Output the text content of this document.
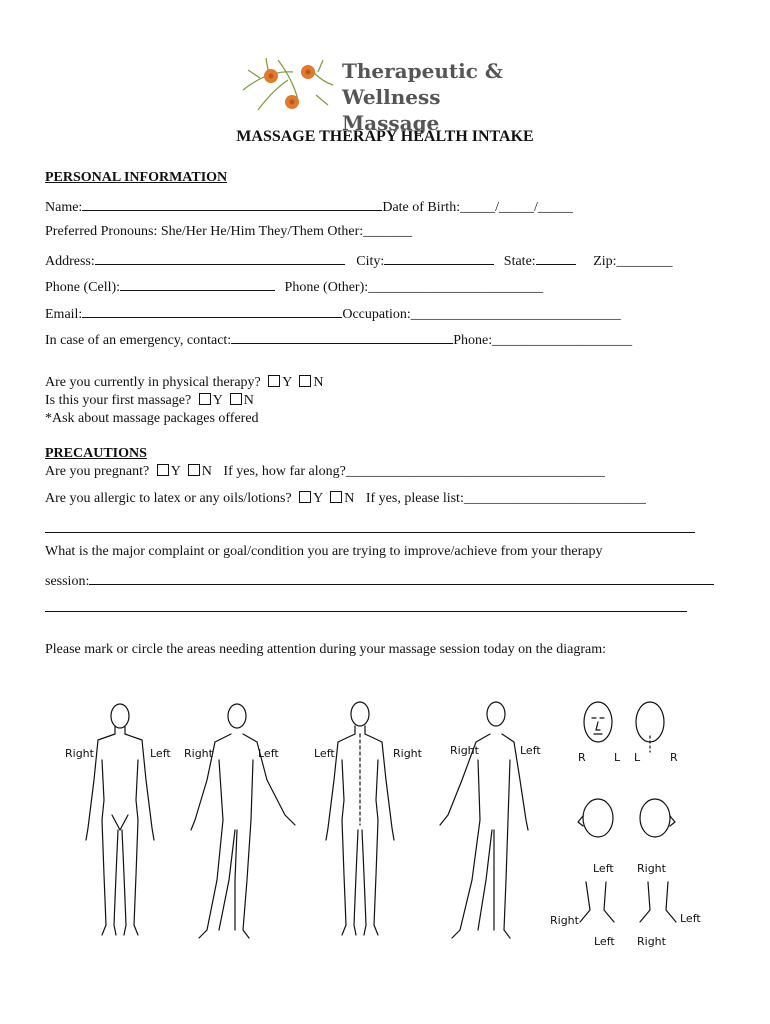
Therapeutic &
Wellness Massage
MASSAGE THERAPY HEALTH INTAKE
PERSONAL INFORMATION
Name:	Date of Birth:_____/_____/_____
Preferred Pronouns: She/Her He/Him They/Them Other:_______
Address:	City:	State:	Zip:________
Phone (Cell):	Phone (Other):_________________________
Email:	Occupation:______________________________
In case of an emergency, contact:	Phone:____________________
Are you currently in physical therapy? Y N
Is this your first massage? Y N
*Ask about massage packages offered
PRECAUTIONS
Are you pregnant? Y N If yes, how far along?_____________________________________
Are you allergic to latex or any oils/lotions? Y N If yes, please list:__________________________
What is the major complaint or goal/condition you are trying to improve/achieve from your therapy
session:
Please mark or circle the areas needing attention during your massage session today on the diagram:
Right	Left Right	Left	Left	Right	Right	Left
R	L L	R
Left Right
Right	Left
Left Right
